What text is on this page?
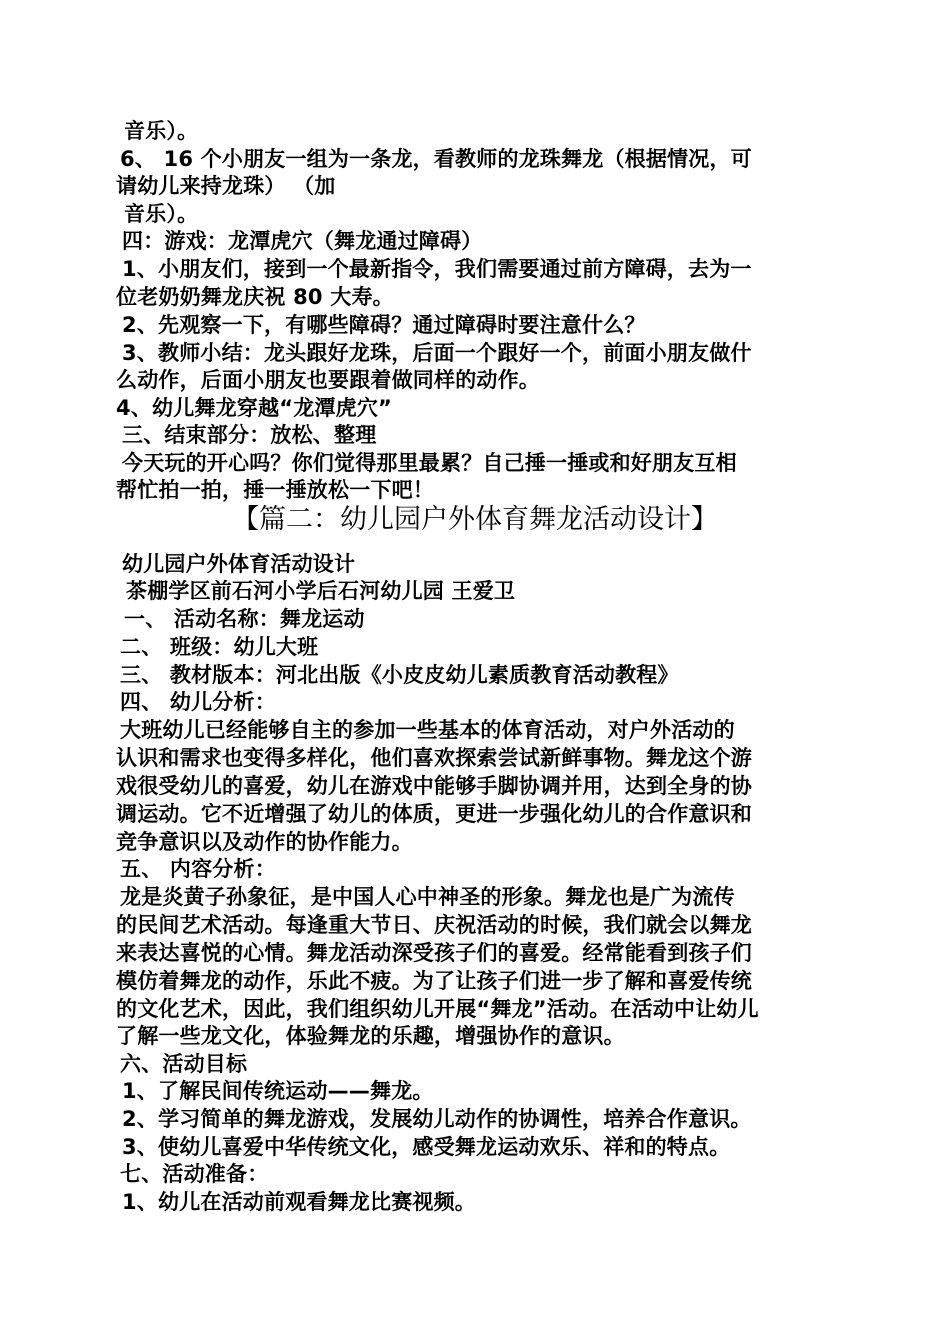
音乐）。
6、 16 个小朋友一组为一条龙，看教师的龙珠舞龙（根据情况，可
请幼儿来持龙珠） （加
音乐）。
四：游戏：龙潭虎穴（舞龙通过障碍）
1、小朋友们，接到一个最新指令，我们需要通过前方障碍，去为一
位老奶奶舞龙庆祝 80 大寿。
2、先观察一下，有哪些障碍？通过障碍时要注意什么？
3、教师小结：龙头跟好龙珠，后面一个跟好一个，前面小朋友做什
么动作，后面小朋友也要跟着做同样的动作。
4、幼儿舞龙穿越“龙潭虎穴”
三、结束部分：放松、整理
今天玩的开心吗？你们觉得那里最累？自己捶一捶或和好朋友互相
帮忙拍一拍，捶一捶放松一下吧！
【篇二：幼儿园户外体育舞龙活动设计】
幼儿园户外体育活动设计
茶棚学区前石河小学后石河幼儿园 王爱卫
一、 活动名称：舞龙运动
二、 班级：幼儿大班
三、 教材版本：河北出版《小皮皮幼儿素质教育活动教程》
四、 幼儿分析：
大班幼儿已经能够自主的参加一些基本的体育活动，对户外活动的
认识和需求也变得多样化，他们喜欢探索尝试新鲜事物。舞龙这个游
戏很受幼儿的喜爱，幼儿在游戏中能够手脚协调并用，达到全身的协
调运动。它不近增强了幼儿的体质，更进一步强化幼儿的合作意识和
竞争意识以及动作的协作能力。
五、 内容分析：
龙是炎黄子孙象征，是中国人心中神圣的形象。舞龙也是广为流传
的民间艺术活动。每逢重大节日、庆祝活动的时候，我们就会以舞龙
来表达喜悦的心情。舞龙活动深受孩子们的喜爱。经常能看到孩子们
模仿着舞龙的动作，乐此不疲。为了让孩子们进一步了解和喜爱传统
的文化艺术，因此，我们组织幼儿开展“舞龙”活动。在活动中让幼儿
了解一些龙文化，体验舞龙的乐趣，增强协作的意识。
六、活动目标
1、了解民间传统运动——舞龙。
2、学习简单的舞龙游戏，发展幼儿动作的协调性，培养合作意识。
3、使幼儿喜爱中华传统文化，感受舞龙运动欢乐、祥和的特点。
七、活动准备：
1、幼儿在活动前观看舞龙比赛视频。
